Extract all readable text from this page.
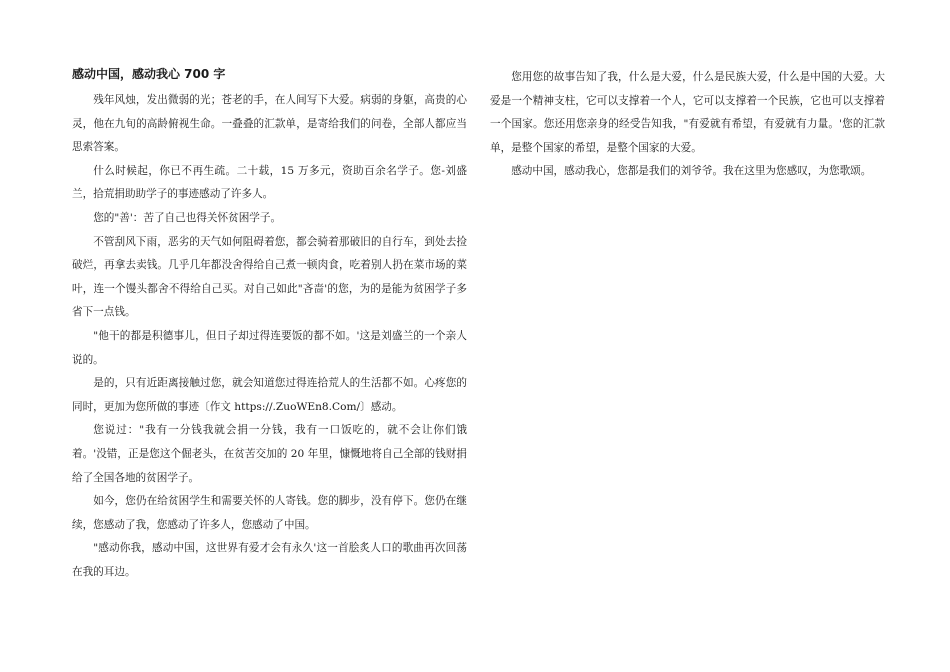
感动中国，感动我心 700 字

残年风烛，发出微弱的光；苍老的手，在人间写下大爱。病弱的身躯，高贵的心灵，他在九旬的高龄俯视生命。一叠叠的汇款单，是寄给我们的问卷，全部人都应当思索答案。

什么时候起，你已不再生疏。二十载，15 万多元，资助百余名学子。您-刘盛兰，拾荒捐助助学子的事迹感动了许多人。

您的"善'：苦了自己也得关怀贫困学子。

不管刮风下雨，恶劣的天气如何阻碍着您，都会骑着那破旧的自行车，到处去捡破烂，再拿去卖钱。几乎几年都没舍得给自己煮一顿肉食，吃着别人扔在菜市场的菜叶，连一个馒头都舍不得给自己买。对自己如此"吝啬'的您，为的是能为贫困学子多省下一点钱。

"他干的都是积德事儿，但日子却过得连要饭的都不如。'这是刘盛兰的一个亲人说的。

是的，只有近距离接触过您，就会知道您过得连拾荒人的生活都不如。心疼您的同时，更加为您所做的事迹〔作文 https://.ZuoWEn8.Com/〕感动。

您说过："我有一分钱我就会捐一分钱，我有一口饭吃的，就不会让你们饿着。'没错，正是您这个倔老头，在贫苦交加的 20 年里，慷慨地将自己全部的钱财捐给了全国各地的贫困学子。

如今，您仍在给贫困学生和需要关怀的人寄钱。您的脚步，没有停下。您仍在继续，您感动了我，您感动了许多人，您感动了中国。

"感动你我，感动中国，这世界有爱才会有永久'这一首脍炙人口的歌曲再次回荡在我的耳边。

您用您的故事告知了我，什么是大爱，什么是民族大爱，什么是中国的大爱。大爱是一个精神支柱，它可以支撑着一个人，它可以支撑着一个民族，它也可以支撑着一个国家。您还用您亲身的经受告知我，"有爱就有希望，有爱就有力量。'您的汇款单，是整个国家的希望，是整个国家的大爱。

感动中国，感动我心，您都是我们的刘爷爷。我在这里为您感叹，为您歌颂。
